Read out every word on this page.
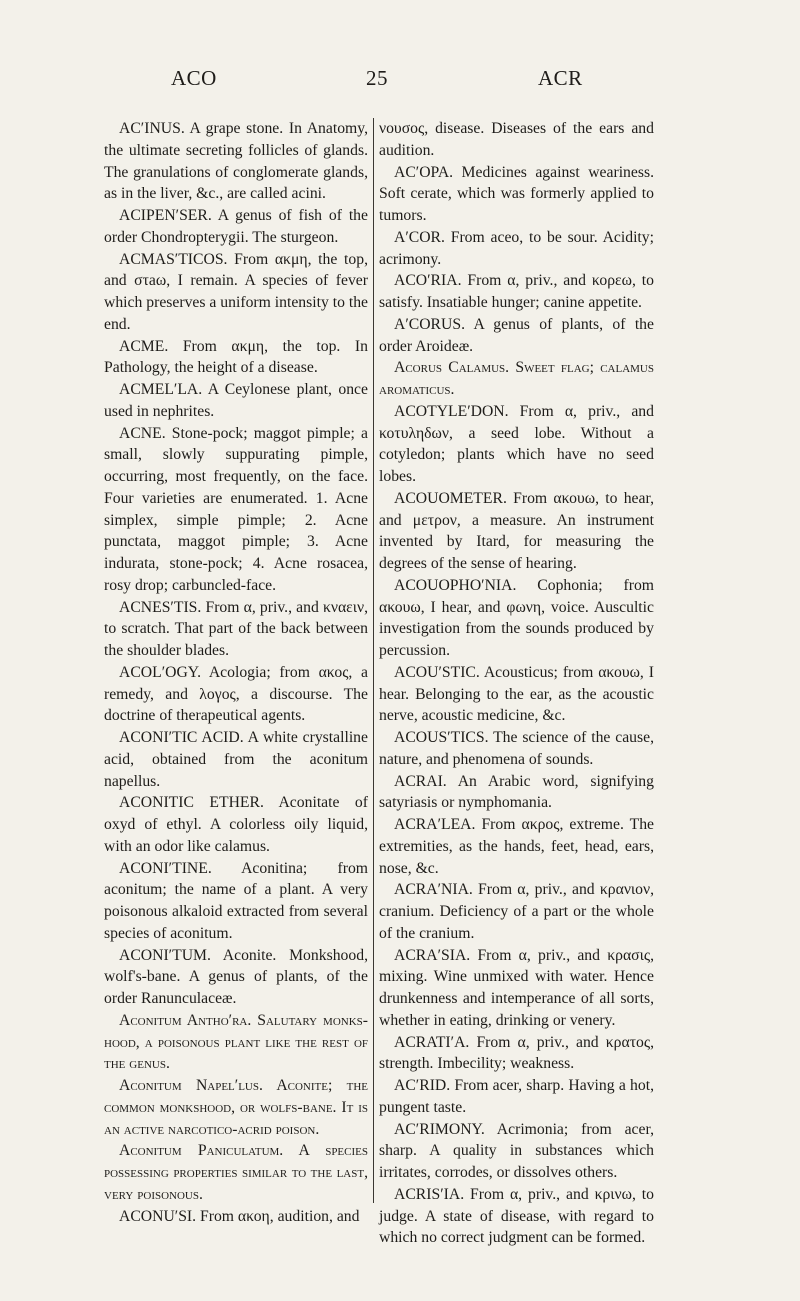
ACO	25	ACR

AC′INUS. A grape stone. In Anatomy, the ultimate secreting follicles of glands. The granulations of conglomerate glands, as in the liver, &c., are called acini.

ACIPEN′SER. A genus of fish of the order Chondropterygii. The sturgeon.

ACMAS′TICOS. From ακμη, the top, and στaω, I remain. A species of fever which preserves a uniform intensity to the end.

ACME. From ακμη, the top. In Pathology, the height of a disease.

ACMEL′LA. A Ceylonese plant, once used in nephrites.

ACNE. Stone-pock; maggot pimple; a small, slowly suppurating pimple, occurring, most frequently, on the face. Four varieties are enumerated. 1. Acne simplex, simple pimple; 2. Acne punctata, maggot pimple; 3. Acne indurata, stone-pock; 4. Acne rosacea, rosy drop; carbuncled-face.

ACNES′TIS. From α, priv., and κναειν, to scratch. That part of the back between the shoulder blades.

ACOL′OGY. Acologia; from ακος, a remedy, and λογος, a discourse. The doctrine of therapeutical agents.

ACONI′TIC ACID. A white crystalline acid, obtained from the aconitum napellus.

ACONITIC ETHER. Aconitate of oxyd of ethyl. A colorless oily liquid, with an odor like calamus.

ACONI′TINE. Aconitina; from aconitum; the name of a plant. A very poisonous alkaloid extracted from several species of aconitum.

ACONI′TUM. Aconite. Monkshood, wolf's-bane. A genus of plants, of the order Ranunculaceæ.

Aconitum Antho′ra. Salutary monks-hood, a poisonous plant like the rest of the genus.

Aconitum Napel′lus. Aconite; the common monkshood, or wolfs-bane. It is an active narcotico-acrid poison.

Aconitum Paniculatum. A species possessing properties similar to the last, very poisonous.

ACONU′SI. From ακοη, audition, and

νουσος, disease. Diseases of the ears and audition.

AC′OPA. Medicines against weariness. Soft cerate, which was formerly applied to tumors.

A′COR. From aceo, to be sour. Acidity; acrimony.

ACO′RIA. From α, priv., and κορεω, to satisfy. Insatiable hunger; canine appetite.

A′CORUS. A genus of plants, of the order Aroideæ.

Acorus Calamus. Sweet flag; calamus aromaticus.

ACOTYLE′DON. From α, priv., and κοτυληδων, a seed lobe. Without a cotyledon; plants which have no seed lobes.

ACOUOMETER. From ακουω, to hear, and μετρον, a measure. An instrument invented by Itard, for measuring the degrees of the sense of hearing.

ACOUOPHO′NIA. Cophonia; from ακουω, I hear, and φωνη, voice. Auscultic investigation from the sounds produced by percussion.

ACOU′STIC. Acousticus; from ακουω, I hear. Belonging to the ear, as the acoustic nerve, acoustic medicine, &c.

ACOUS′TICS. The science of the cause, nature, and phenomena of sounds.

ACRAI. An Arabic word, signifying satyriasis or nymphomania.

ACRA′LEA. From ακρος, extreme. The extremities, as the hands, feet, head, ears, nose, &c.

ACRA′NIA. From α, priv., and κρανιον, cranium. Deficiency of a part or the whole of the cranium.

ACRA′SIA. From α, priv., and κρασις, mixing. Wine unmixed with water. Hence drunkenness and intemperance of all sorts, whether in eating, drinking or venery.

ACRATI′A. From α, priv., and κρατος, strength. Imbecility; weakness.

AC′RID. From acer, sharp. Having a hot, pungent taste.

AC′RIMONY. Acrimonia; from acer, sharp. A quality in substances which irritates, corrodes, or dissolves others.

ACRIS′IA. From α, priv., and κρινω, to judge. A state of disease, with regard to which no correct judgment can be formed.
